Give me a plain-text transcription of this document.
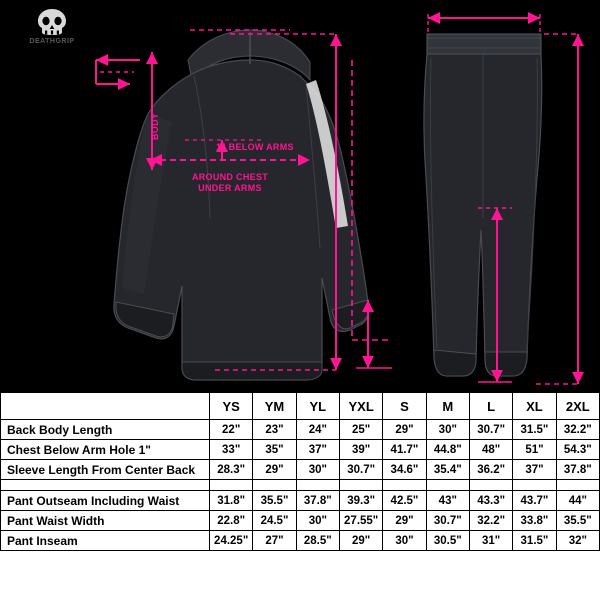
DEATHGRIP
BODY
1" BELOW ARMS
AROUND CHEST
UNDER ARMS
	YS	YM	YL	YXL	S	M	L	XL	2XL
Back Body Length	22"	23"	24"	25"	29"	30"	30.7"	31.5"	32.2"
Chest Below Arm Hole 1"	33"	35"	37"	39"	41.7"	44.8"	48"	51"	54.3"
Sleeve Length From Center Back	28.3"	29"	30"	30.7"	34.6"	35.4"	36.2"	37"	37.8"

Pant Outseam Including Waist	31.8"	35.5"	37.8"	39.3"	42.5"	43"	43.3"	43.7"	44"
Pant Waist Width	22.8"	24.5"	30"	27.55"	29"	30.7"	32.2"	33.8"	35.5"
Pant Inseam	24.25"	27"	28.5"	29"	30"	30.5"	31"	31.5"	32"
